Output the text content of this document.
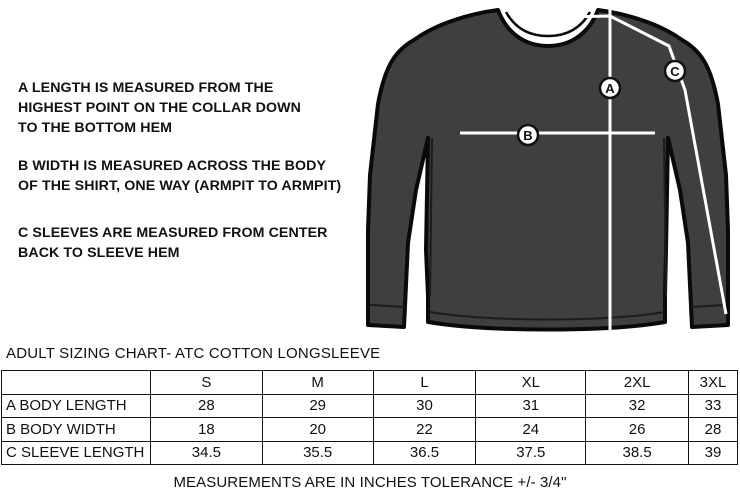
A LENGTH IS MEASURED FROM THE
HIGHEST POINT ON THE COLLAR DOWN
TO THE BOTTOM HEM
B WIDTH IS MEASURED ACROSS THE BODY
OF THE SHIRT, ONE WAY (ARMPIT TO ARMPIT)
C SLEEVES ARE MEASURED FROM CENTER
BACK TO SLEEVE HEM
A
B
C
ADULT SIZING CHART- ATC COTTON LONGSLEEVE
	S	M	L	XL	2XL	3XL
A BODY LENGTH	28	29	30	31	32	33
B BODY WIDTH	18	20	22	24	26	28
C SLEEVE LENGTH	34.5	35.5	36.5	37.5	38.5	39
MEASUREMENTS ARE IN INCHES TOLERANCE +/- 3/4"
